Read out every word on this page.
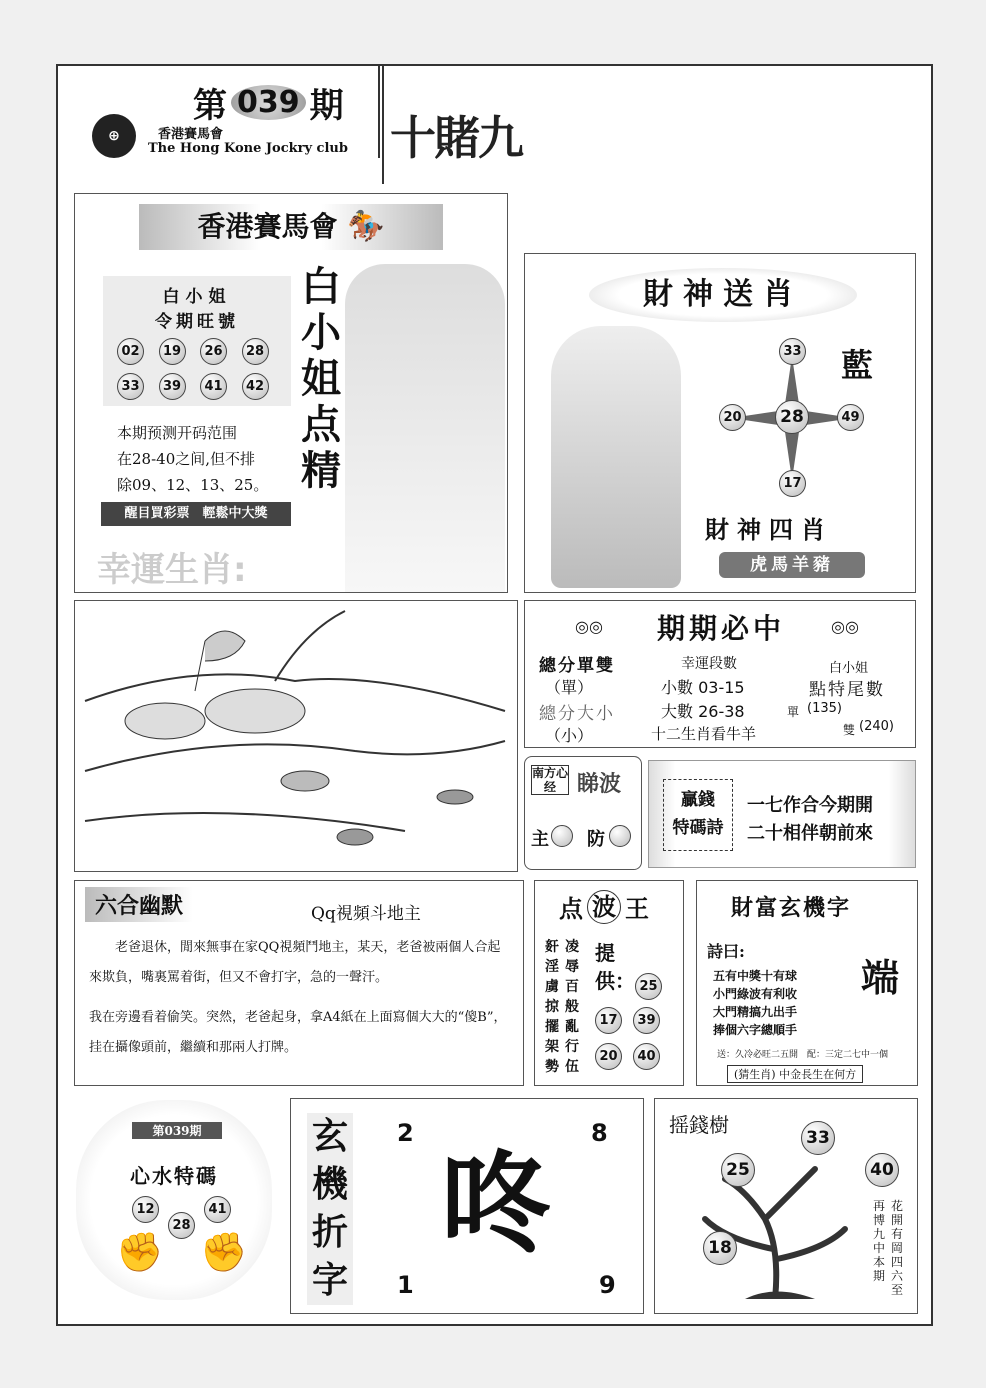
第 039 期
⊕	香港賽馬會
The Hong Kone Jockry club 十賭九
香港賽馬會 🏇
白小姐
令期旺號
02	19	26	28
33	39	41	42
白小姐点精
本期预测开码范围
在28-40之间,但不排
除09、12、13、25。
醒目買彩票　輕鬆中大獎
幸運生肖:
財神送肖
藍
33
20	28	49
17
財神四肖
虎馬羊豬
◎◎	期期必中	◎◎
總分單雙	幸運段數	白小姐
（單）	小數 03-15	點特尾數
總分大小	大數 26-38	單 (135)
（小）	十二生肖看牛羊	雙 (240)
南方心经 睇波
主 防
贏錢
特碼詩
一七作合今期開
二十相伴朝前來
六合幽默	Qq視頻斗地主
老爸退休，閒來無事在家QQ視頻鬥地主，某天，老爸被兩個人合起來欺負，嘴裏罵着街，但又不會打字，急的一聲汗。
我在旁邊看着偷笑。突然，老爸起身，拿A4紙在上面寫個大大的“傻B”，挂在攝像頭前，繼續和那兩人打牌。
点 波 王
姧淫虜掠擺架勢
凌辱百般亂行伍
提供： 25
17	39
20	40
財富玄機字
詩曰:
端
五有中獎十有球
小門綠波有利收
大門精搞九出手
捧個六字總順手
送：久冷必旺二五開　配：三定二七中一個
(猜生肖) 中金長生在何方
第039期
心水特碼
12
28
41
✊ ✊
玄機折字
2	8
咚
1	9
摇錢樹
33
25	40
18
花開有岡四六至
再博九中本期
